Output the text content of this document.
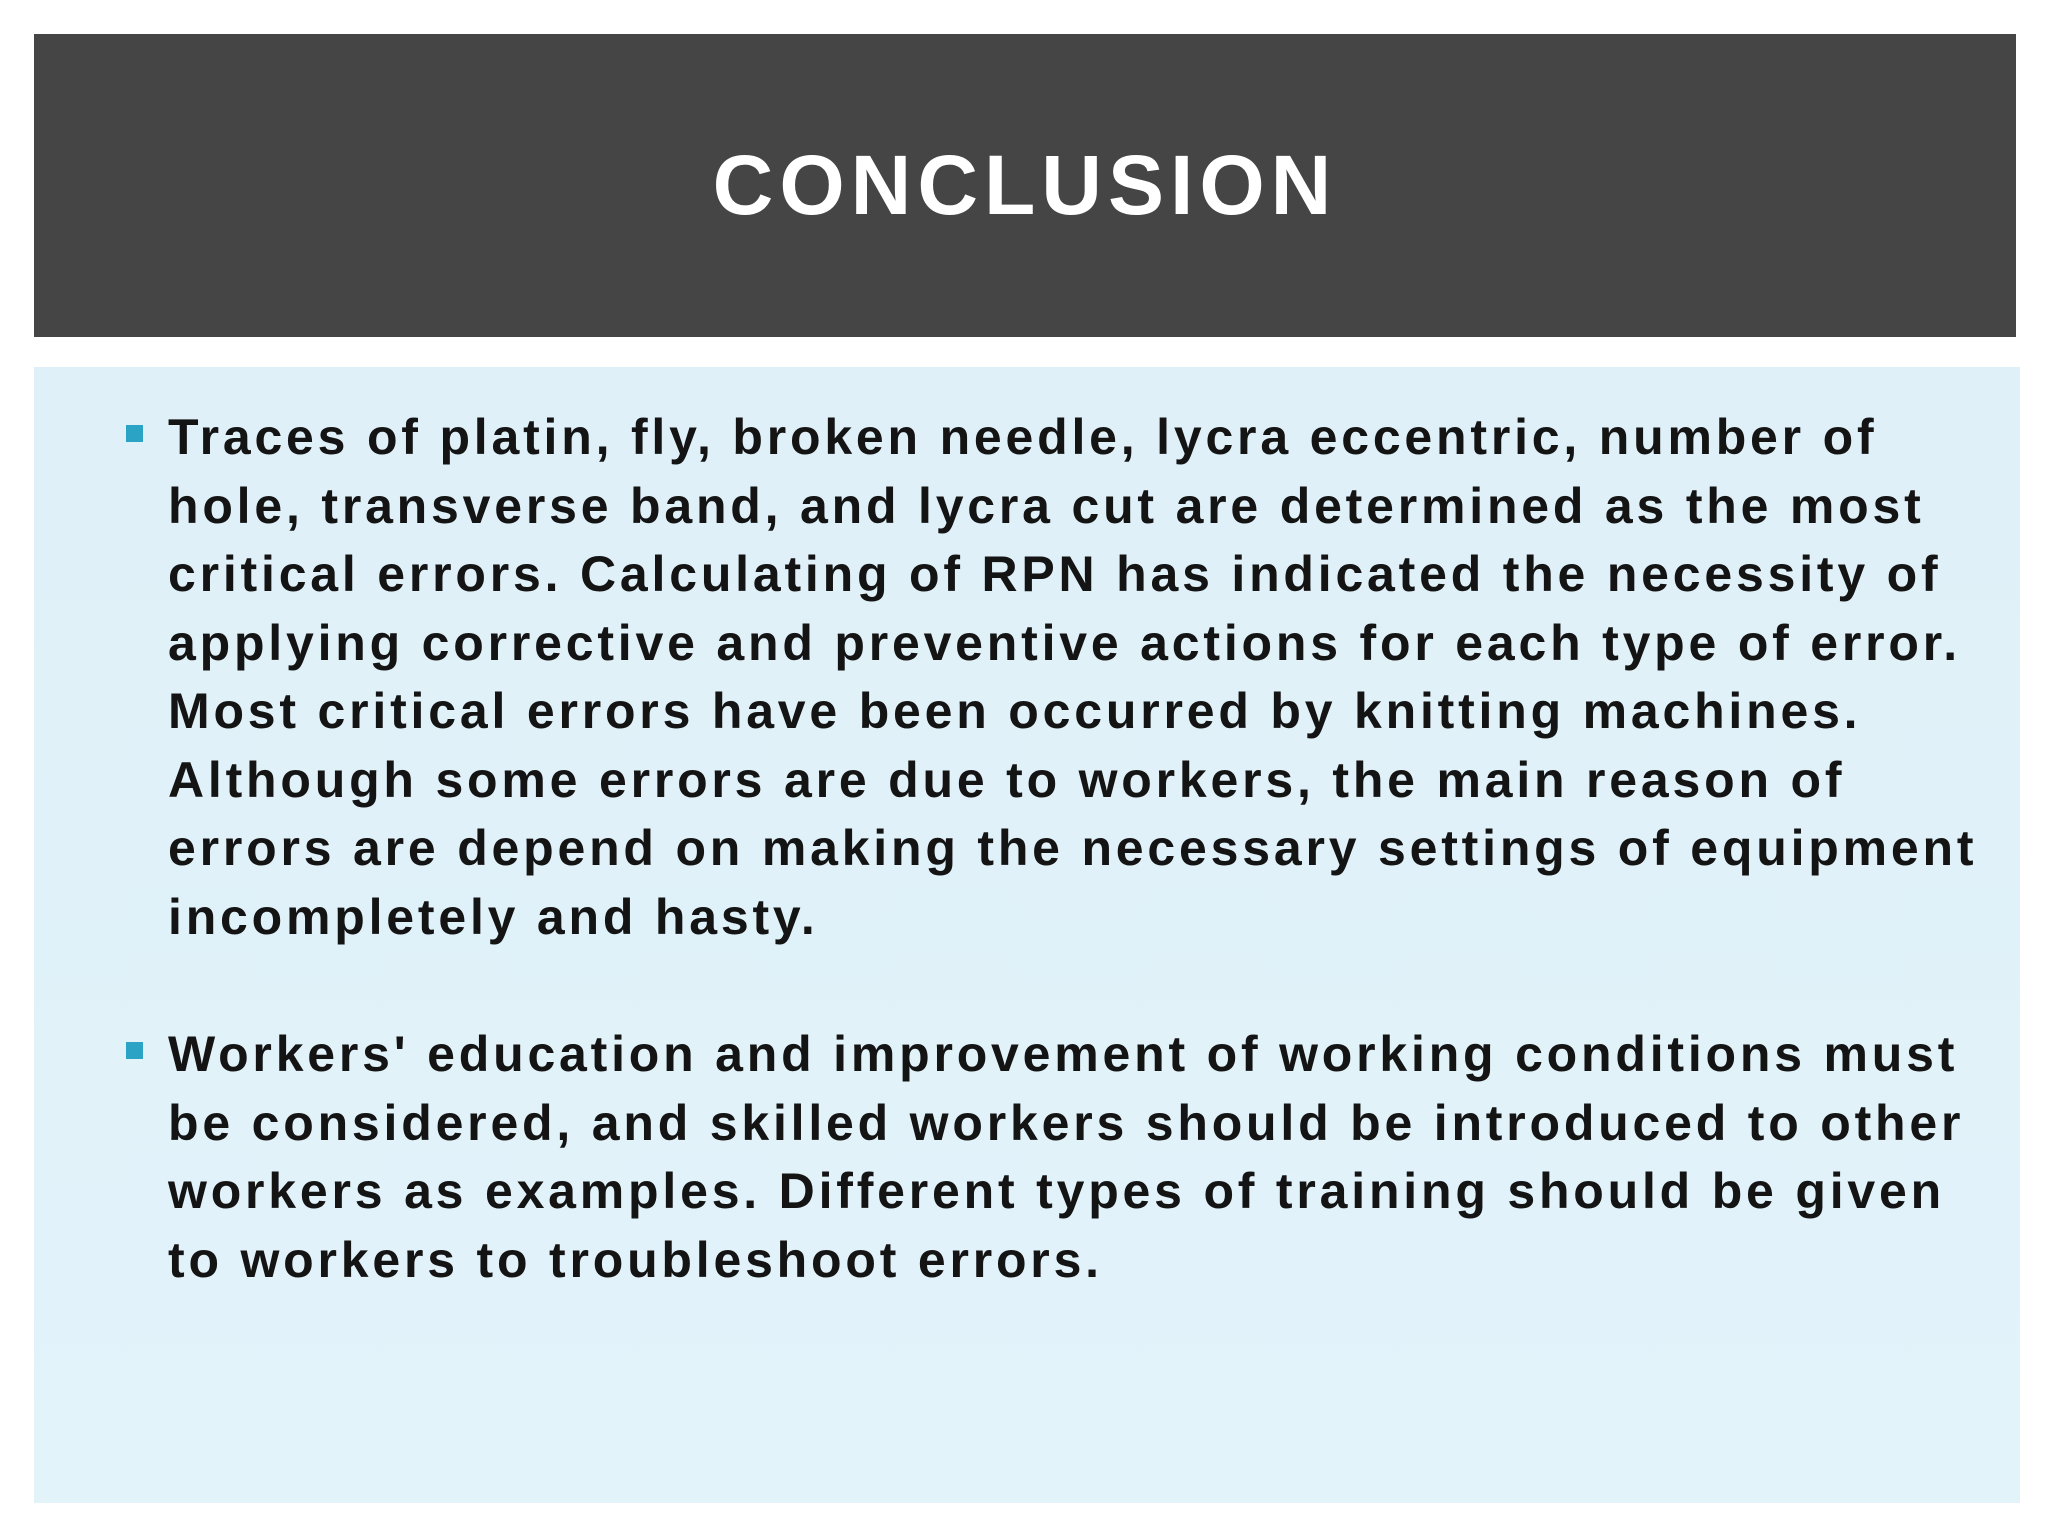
CONCLUSION
Traces of platin, fly, broken needle, lycra eccentric, number of hole, transverse band, and lycra cut are determined as the most critical errors. Calculating of RPN has indicated the necessity of applying corrective and preventive actions for each type of error. Most critical errors have been occurred by knitting machines. Although some errors are due to workers, the main reason of errors are depend on making the necessary settings of equipment incompletely and hasty.
Workers' education and improvement of working conditions must be considered, and skilled workers should be introduced to other workers as examples. Different types of training should be given to workers to troubleshoot errors.
